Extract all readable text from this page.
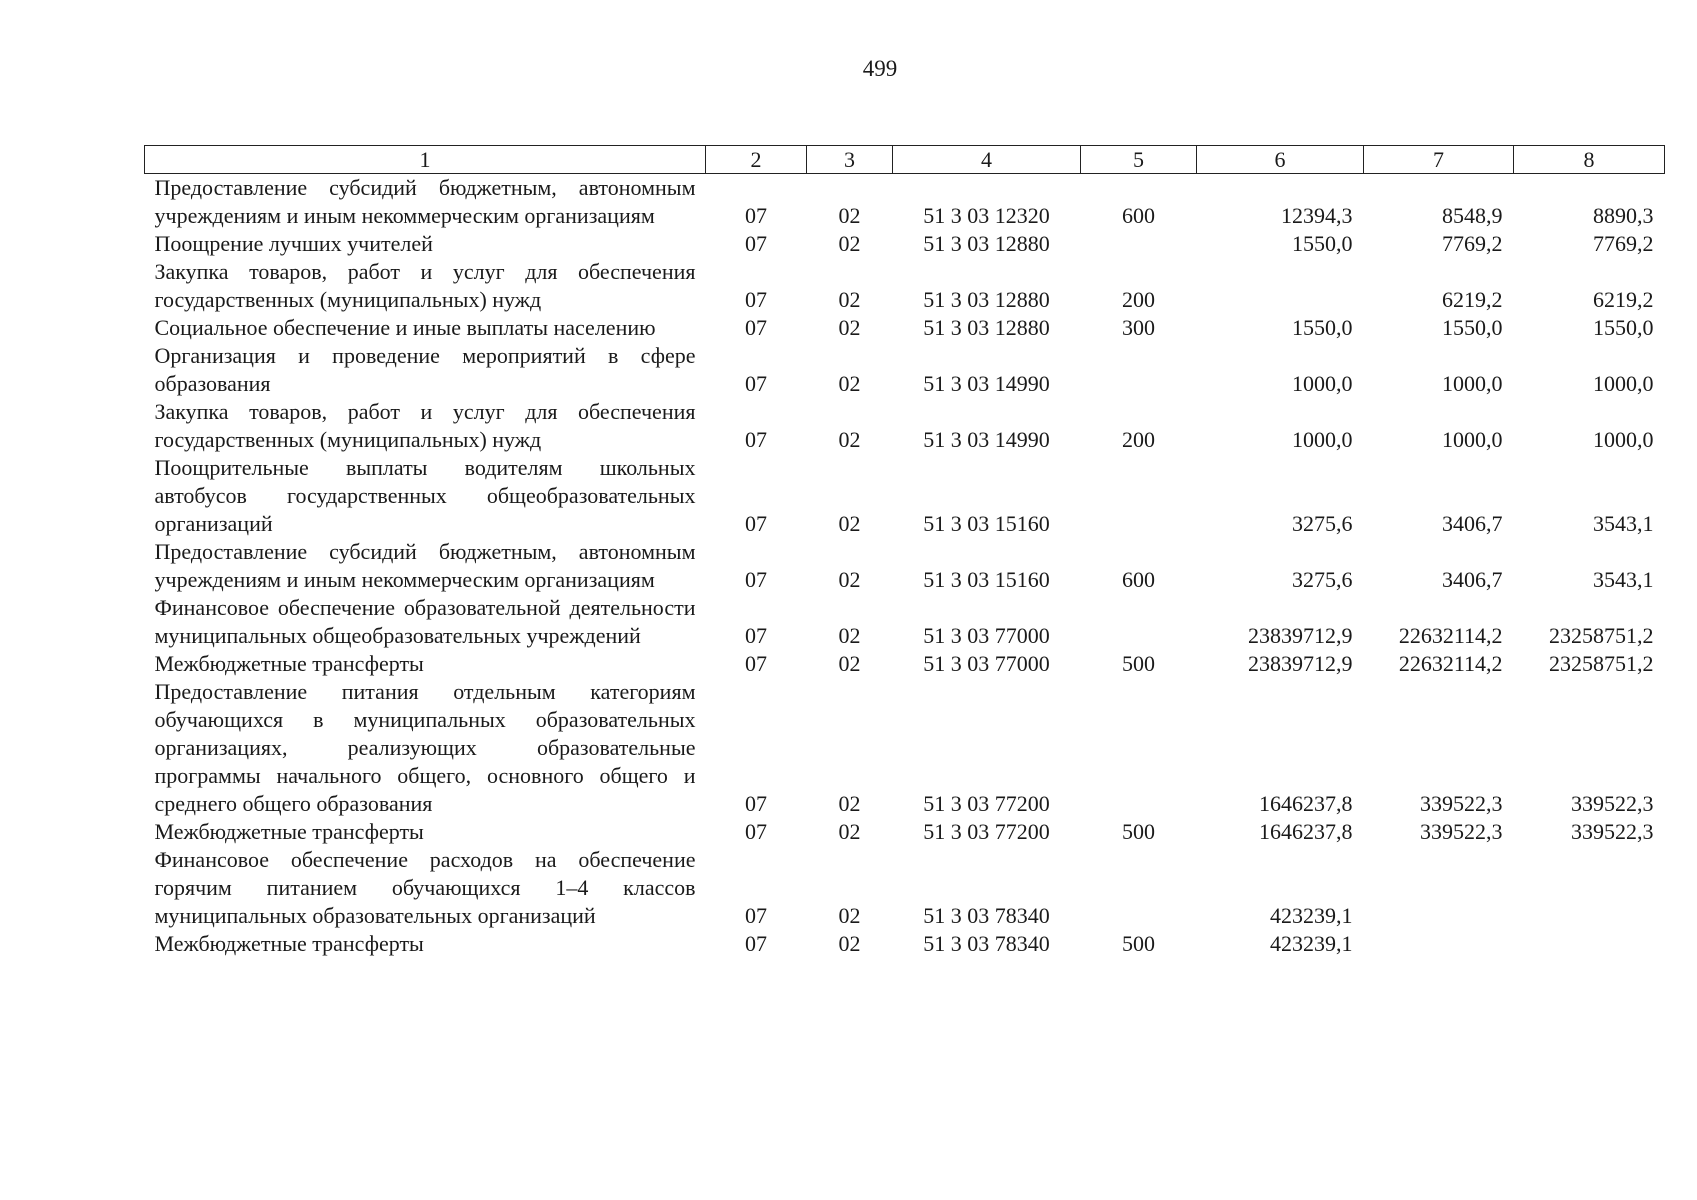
499
1	2	3	4	5	6	7	8
Предоставление субсидий бюджетным, автономным учреждениям и иным некоммерческим организациям	07	02	51 3 03 12320	600	12394,3	8548,9	8890,3
Поощрение лучших учителей	07	02	51 3 03 12880		1550,0	7769,2	7769,2
Закупка товаров, работ и услуг для обеспечения государственных (муниципальных) нужд	07	02	51 3 03 12880	200		6219,2	6219,2
Социальное обеспечение и иные выплаты населению	07	02	51 3 03 12880	300	1550,0	1550,0	1550,0
Организация и проведение мероприятий в сфере образования	07	02	51 3 03 14990		1000,0	1000,0	1000,0
Закупка товаров, работ и услуг для обеспечения государственных (муниципальных) нужд	07	02	51 3 03 14990	200	1000,0	1000,0	1000,0
Поощрительные выплаты водителям школьных автобусов государственных общеобразовательных организаций	07	02	51 3 03 15160		3275,6	3406,7	3543,1
Предоставление субсидий бюджетным, автономным учреждениям и иным некоммерческим организациям	07	02	51 3 03 15160	600	3275,6	3406,7	3543,1
Финансовое обеспечение образовательной деятельности муниципальных общеобразовательных учреждений	07	02	51 3 03 77000		23839712,9	22632114,2	23258751,2
Межбюджетные трансферты	07	02	51 3 03 77000	500	23839712,9	22632114,2	23258751,2
Предоставление питания отдельным категориям обучающихся в муниципальных образовательных организациях, реализующих образовательные программы начального общего, основного общего и среднего общего образования	07	02	51 3 03 77200		1646237,8	339522,3	339522,3
Межбюджетные трансферты	07	02	51 3 03 77200	500	1646237,8	339522,3	339522,3
Финансовое обеспечение расходов на обеспечение горячим питанием обучающихся 1–4 классов муниципальных образовательных организаций	07	02	51 3 03 78340		423239,1		
Межбюджетные трансферты	07	02	51 3 03 78340	500	423239,1		
